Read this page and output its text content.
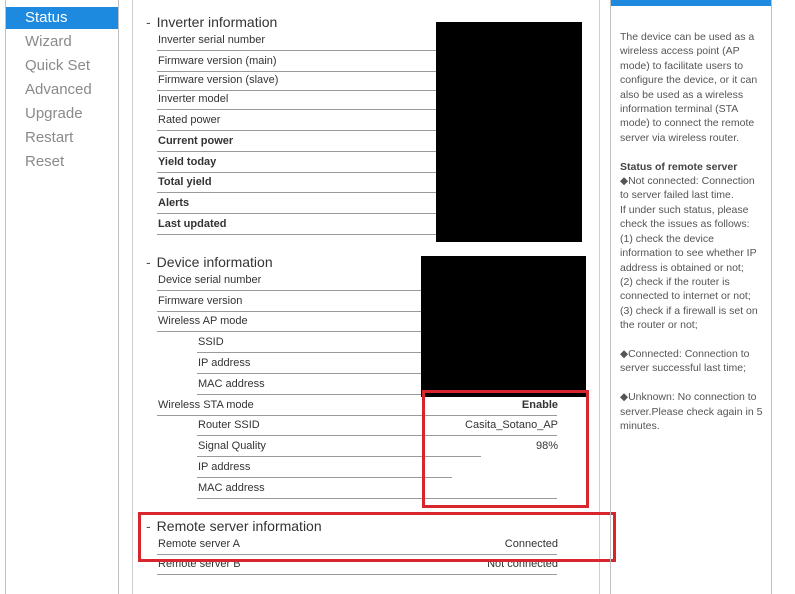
Status
Wizard
Quick Set
Advanced
Upgrade
Restart
Reset
- Inverter information
Inverter serial number
Firmware version (main)
Firmware version (slave)
Inverter model
Rated power
Current power
Yield today
Total yield
Alerts
Last updated
- Device information
Device serial number
Firmware version
Wireless AP mode
SSID
IP address
MAC address
Wireless STA mode	Enable
Router SSID	Casita_Sotano_AP
Signal Quality	98%
IP address
MAC address
- Remote server information
Remote server A	Connected
Remote server B	Not connected

The device can be used as a wireless access point (AP mode) to facilitate users to configure the device, or it can also be used as a wireless information terminal (STA mode) to connect the remote server via wireless router.

Status of remote server

◆Not connected: Connection to server failed last time.

If under such status, please check the issues as follows:

(1) check the device information to see whether IP address is obtained or not;

(2) check if the router is connected to internet or not;

(3) check if a firewall is set on the router or not;

◆Connected: Connection to server successful last time;

◆Unknown: No connection to server.Please check again in 5 minutes.
